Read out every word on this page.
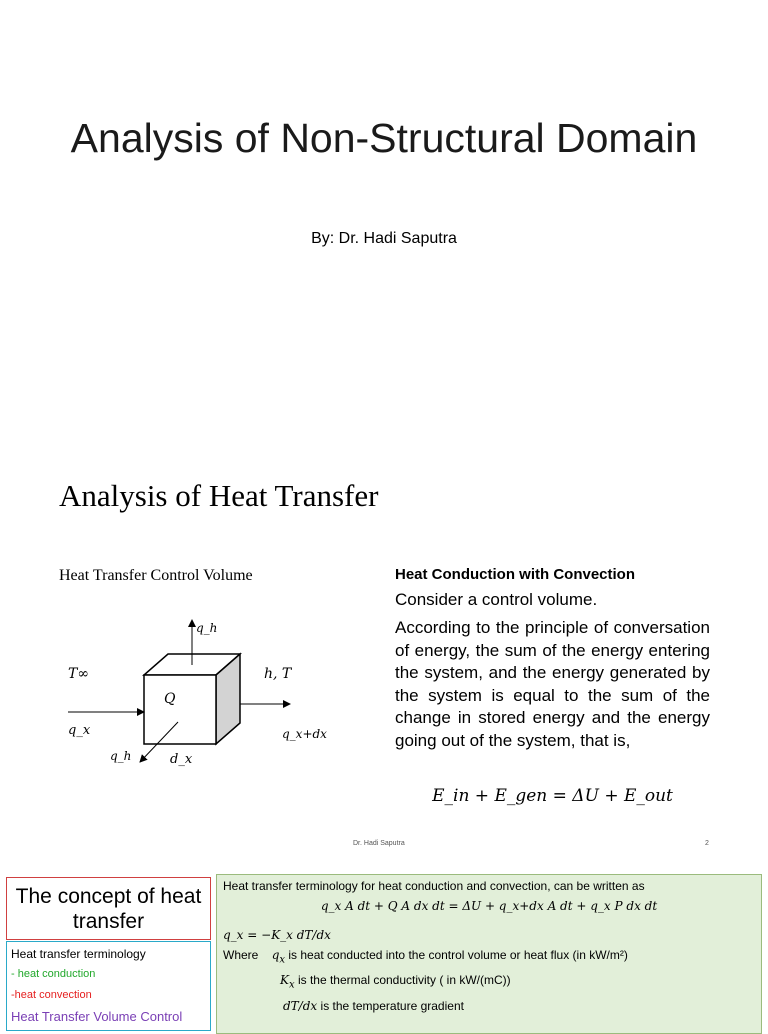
Analysis of Non-Structural Domain
By: Dr. Hadi Saputra
Analysis of Heat Transfer
Heat Transfer Control Volume
q_h
T∞	h, T
Q
q_x	q_x+dx
q_h	d_x
Heat Conduction with Convection
Consider a control volume.
According to the principle of conversation of energy, the sum of the energy entering the system, and the energy generated by the system is equal to the sum of the change in stored energy and the energy going out of the system, that is,
E_in + E_gen = ΔU + E_out
Dr. Hadi Saputra	2
The concept of heat transfer
Heat transfer terminology
- heat conduction
-heat convection
Heat Transfer Volume Control
Heat transfer terminology for heat conduction and convection, can be written as
q_x A dt + Q A dx dt = ΔU + q_x+dx A dt + q_x P dx dt
q_x = −K_x dT/dx
Where $q_x$ is heat conducted into the control volume or heat flux (in kW/m²)
$K_x$ is the thermal conductivity ( in kW/(mC))
dT/dx is the temperature gradient
